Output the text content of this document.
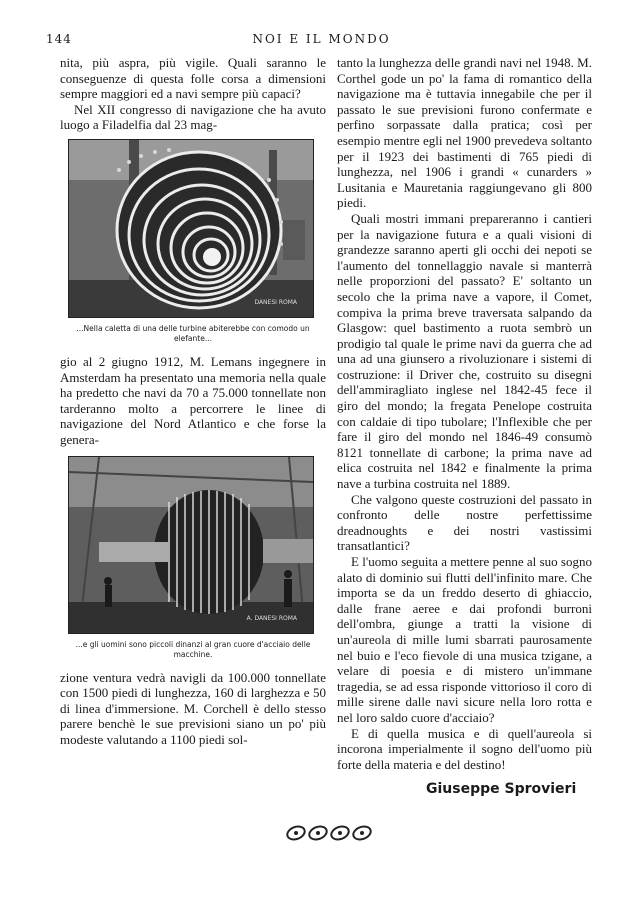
144	NOI E IL MONDO

nita, più aspra, più vigile. Quali saranno le conseguenze di questa folle corsa a dimensioni sempre maggiori ed a navi sempre più capaci?

Nel XII congresso di navigazione che ha avuto luogo a Filadelfia dal 23 mag-

DANESI ROMA
...Nella caletta di una delle turbine abiterebbe con comodo un elefante...

gio al 2 giugno 1912, M. Lemans ingegnere in Amsterdam ha presentato una memoria nella quale ha predetto che navi da 70 a 75.000 tonnellate non tarderanno molto a percorrere le linee di navigazione del Nord Atlantico e che forse la genera-

A. DANESI ROMA
...e gli uomini sono piccoli dinanzi al gran cuore d'acciaio delle macchine.

zione ventura vedrà navigli da 100.000 tonnellate con 1500 piedi di lunghezza, 160 di larghezza e 50 di linea d'immersione. M. Corchell è dello stesso parere benchè le sue previsioni siano un po' più modeste valutando a 1100 piedi sol-

tanto la lunghezza delle grandi navi nel 1948. M. Corthel gode un po' la fama di romantico della navigazione ma è tuttavia innegabile che per il passato le sue previsioni furono confermate e perfino sorpassate dalla pratica; così per esempio mentre egli nel 1900 prevedeva soltanto per il 1923 dei bastimenti di 765 piedi di lunghezza, nel 1906 i grandi « cunarders » Lusitania e Mauretania raggiungevano gli 800 piedi.

Quali mostri immani prepareranno i cantieri per la navigazione futura e a quali visioni di grandezze saranno aperti gli occhi dei nepoti se l'aumento del tonnellaggio navale si manterrà nelle proporzioni del passato? E' soltanto un secolo che la prima nave a vapore, il Comet, compiva la prima breve traversata salpando da Glasgow: quel bastimento a ruota sembrò un prodigio tal quale le prime navi da guerra che ad una ad una giunsero a rivoluzionare i sistemi di costruzione: il Driver che, costruito su disegni dell'ammiragliato inglese nel 1842-45 fece il giro del mondo; la fregata Penelope costruita con caldaie di tipo tubolare; l'Inflexible che per fare il giro del mondo nel 1846-49 consumò 8121 tonnellate di carbone; la prima nave ad elica costruita nel 1842 e finalmente la prima nave a turbina costruita nel 1889.

Che valgono queste costruzioni del passato in confronto delle nostre perfettissime dreadnoughts e dei nostri vastissimi transatlantici?

E l'uomo seguita a mettere penne al suo sogno alato di dominio sui flutti dell'infinito mare. Che importa se da un freddo deserto di ghiaccio, dalle frane aeree e dai profondi burroni dell'ombra, giunge a tratti la visione di un'aureola di mille lumi sbarrati paurosamente nel buio e l'eco fievole di una musica tzigane, a velare di poesia e di mistero un'immane tragedia, se ad essa risponde vittorioso il coro di mille sirene dalle navi sicure nella loro rotta e nel loro saldo cuore d'acciaio?

E di quella musica e di quell'aureola si incorona imperialmente il sogno dell'uomo più forte della materia e del destino!

Giuseppe Sprovieri
